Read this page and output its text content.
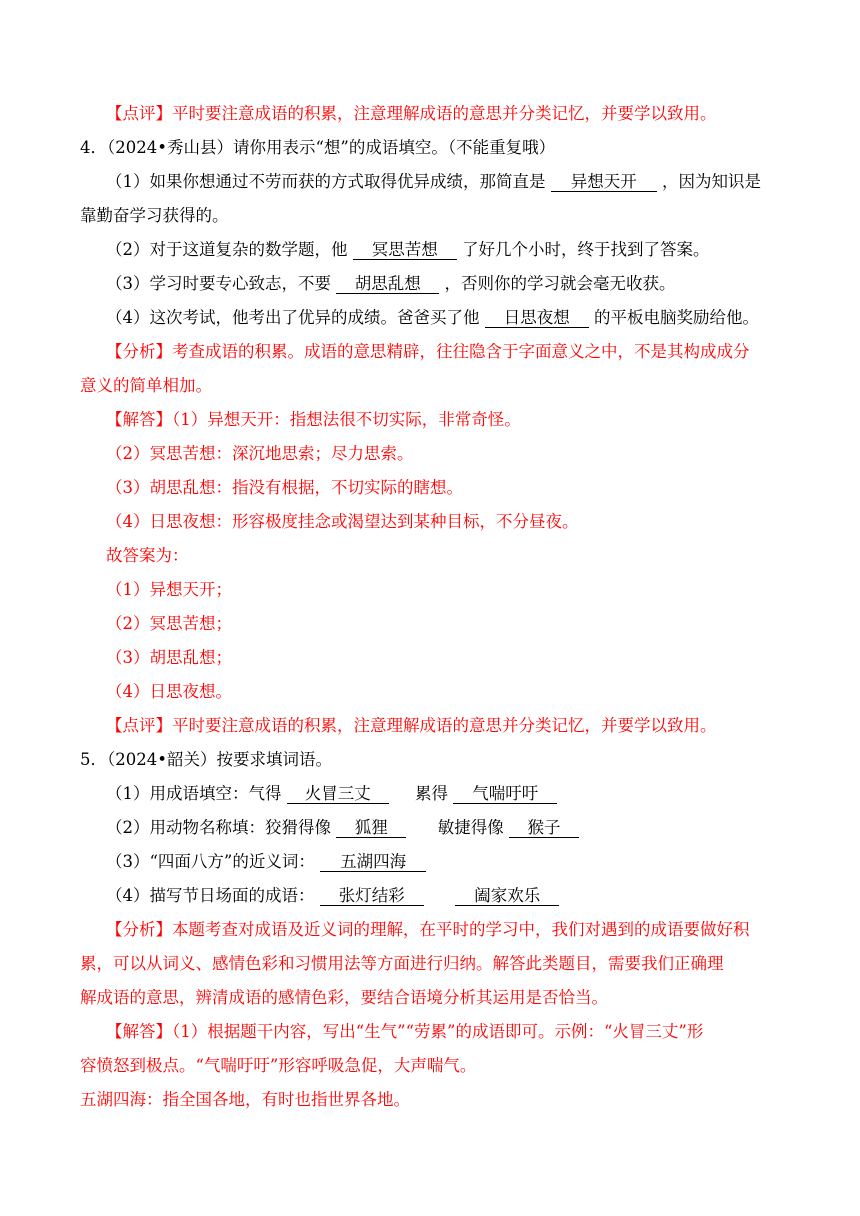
【点评】平时要注意成语的积累，注意理解成语的意思并分类记忆，并要学以致用。
4．（2024•秀山县）请你用表示“想”的成语填空。（不能重复哦）
（1）如果你想通过不劳而获的方式取得优异成绩，那简直是 异想天开 ，因为知识是
靠勤奋学习获得的。
（2）对于这道复杂的数学题，他 冥思苦想 了好几个小时，终于找到了答案。
（3）学习时要专心致志，不要 胡思乱想 ，否则你的学习就会毫无收获。
（4）这次考试，他考出了优异的成绩。爸爸买了他 日思夜想 的平板电脑奖励给他。
【分析】考查成语的积累。成语的意思精辟，往往隐含于字面意义之中，不是其构成成分
意义的简单相加。
【解答】（1）异想天开：指想法很不切实际，非常奇怪。
（2）冥思苦想：深沉地思索；尽力思索。
（3）胡思乱想：指没有根据，不切实际的瞎想。
（4）日思夜想：形容极度挂念或渴望达到某种目标，不分昼夜。
故答案为：
（1）异想天开；
（2）冥思苦想；
（3）胡思乱想；
（4）日思夜想。
【点评】平时要注意成语的积累，注意理解成语的意思并分类记忆，并要学以致用。
5．（2024•韶关）按要求填词语。
（1）用成语填空：气得 火冒三丈	累得 气喘吁吁
（2）用动物名称填：狡猾得像 狐狸	敏捷得像 猴子
（3）“四面八方”的近义词： 五湖四海
（4）描写节日场面的成语： 张灯结彩	阖家欢乐
【分析】本题考查对成语及近义词的理解，在平时的学习中，我们对遇到的成语要做好积
累，可以从词义、感情色彩和习惯用法等方面进行归纳。解答此类题目，需要我们正确理
解成语的意思，辨清成语的感情色彩，要结合语境分析其运用是否恰当。
【解答】（1）根据题干内容，写出“生气”“劳累”的成语即可。示例：“火冒三丈”形
容愤怒到极点。“气喘吁吁”形容呼吸急促，大声喘气。
五湖四海：指全国各地，有时也指世界各地。
